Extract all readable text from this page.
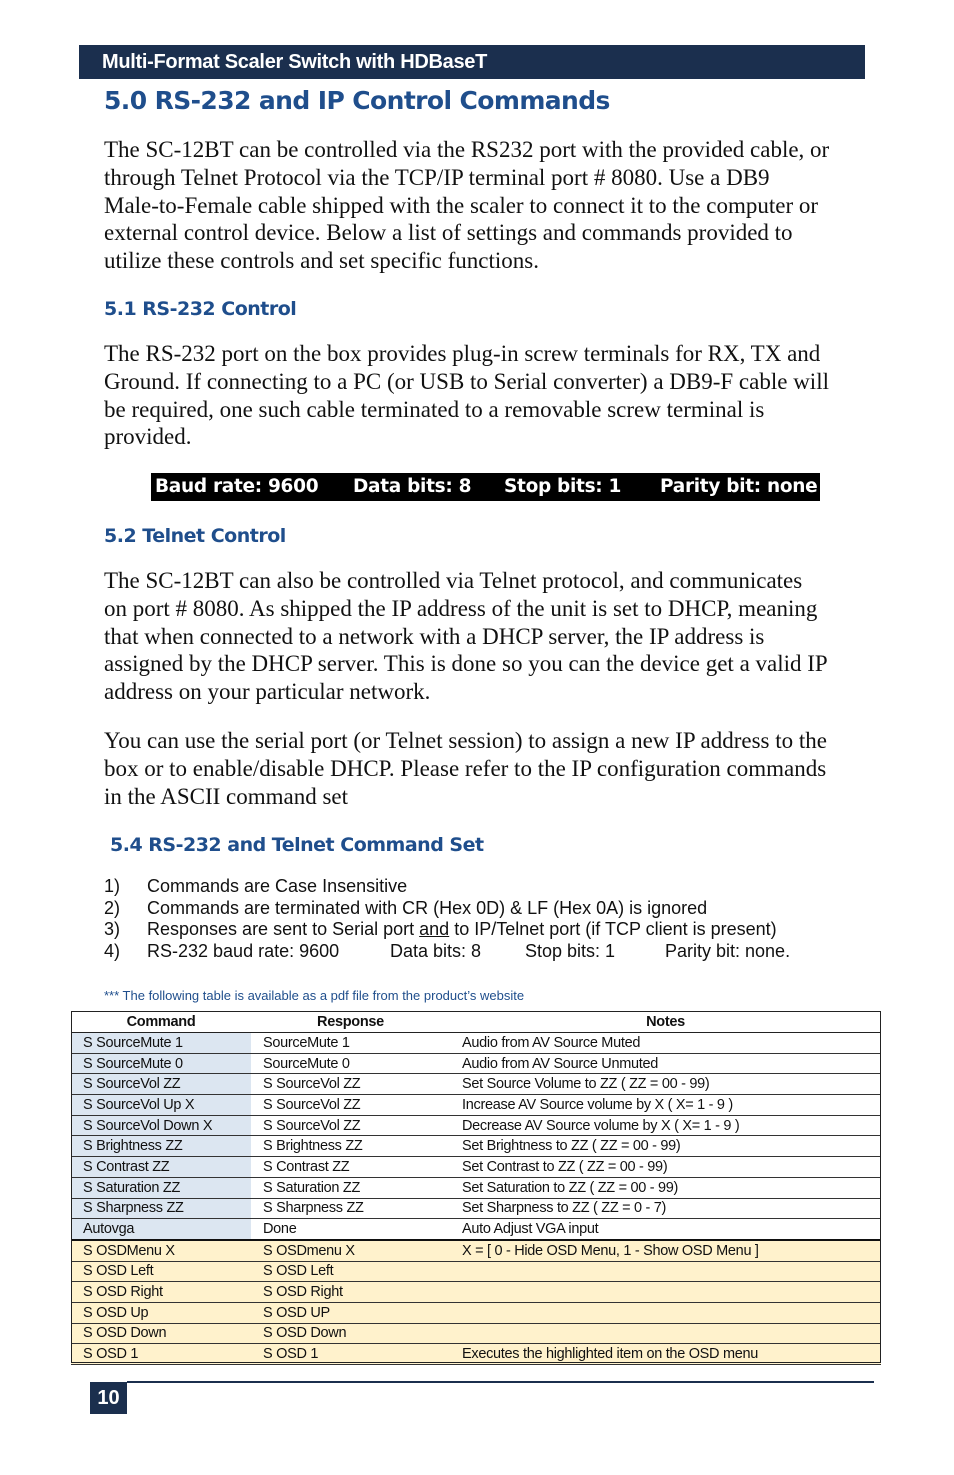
Multi-Format Scaler Switch with HDBaseT
5.0 RS-232 and IP Control Commands
The SC-12BT can be controlled via the RS232 port with the provided cable, or
through Telnet Protocol via the TCP/IP terminal port # 8080. Use a DB9
Male-to-Female cable shipped with the scaler to connect it to the computer or
external control device. Below a list of settings and commands provided to
utilize these controls and set specific functions.
5.1 RS-232 Control
The RS-232 port on the box provides plug-in screw terminals for RX, TX and
Ground. If connecting to a PC (or USB to Serial converter) a DB9-F cable will
be required, one such cable terminated to a removable screw terminal is
provided.
Baud rate: 9600 Data bits: 8 Stop bits: 1 Parity bit: none
5.2 Telnet Control
The SC-12BT can also be controlled via Telnet protocol, and communicates
on port # 8080. As shipped the IP address of the unit is set to DHCP, meaning
that when connected to a network with a DHCP server, the IP address is
assigned by the DHCP server. This is done so you can the device get a valid IP
address on your particular network.
You can use the serial port (or Telnet session) to assign a new IP address to the
box or to enable/disable DHCP. Please refer to the IP configuration commands
in the ASCII command set
5.4 RS-232 and Telnet Command Set
1) Commands are Case Insensitive
2) Commands are terminated with CR (Hex 0D) & LF (Hex 0A) is ignored
3) Responses are sent to Serial port and to IP/Telnet port (if TCP client is present)
4) RS-232 baud rate: 9600	Data bits: 8 Stop bits: 1	Parity bit: none.
*** The following table is available as a pdf file from the product’s website
Command	Response	Notes
S SourceMute 1	SourceMute 1	Audio from AV Source Muted
S SourceMute 0	SourceMute 0	Audio from AV Source Unmuted
S SourceVol ZZ	S SourceVol ZZ	Set Source Volume to ZZ ( ZZ = 00 - 99)
S SourceVol Up X	S SourceVol ZZ	Increase AV Source volume by X ( X= 1 - 9 )
S SourceVol Down X	S SourceVol ZZ	Decrease AV Source volume by X ( X= 1 - 9 )
S Brightness ZZ	S Brightness ZZ	Set Brightness to ZZ ( ZZ = 00 - 99)
S Contrast ZZ	S Contrast ZZ	Set Contrast to ZZ ( ZZ = 00 - 99)
S Saturation ZZ	S Saturation ZZ	Set Saturation to ZZ ( ZZ = 00 - 99)
S Sharpness ZZ	S Sharpness ZZ	Set Sharpness to ZZ ( ZZ = 0 - 7)
Autovga	Done	Auto Adjust VGA input
S OSDMenu X	S OSDmenu X	X = [ 0 - Hide OSD Menu, 1 - Show OSD Menu ]
S OSD Left	S OSD Left	
S OSD Right	S OSD Right	
S OSD Up	S OSD UP	
S OSD Down	S OSD Down	
S OSD 1	S OSD 1	Executes the highlighted item on the OSD menu
10
